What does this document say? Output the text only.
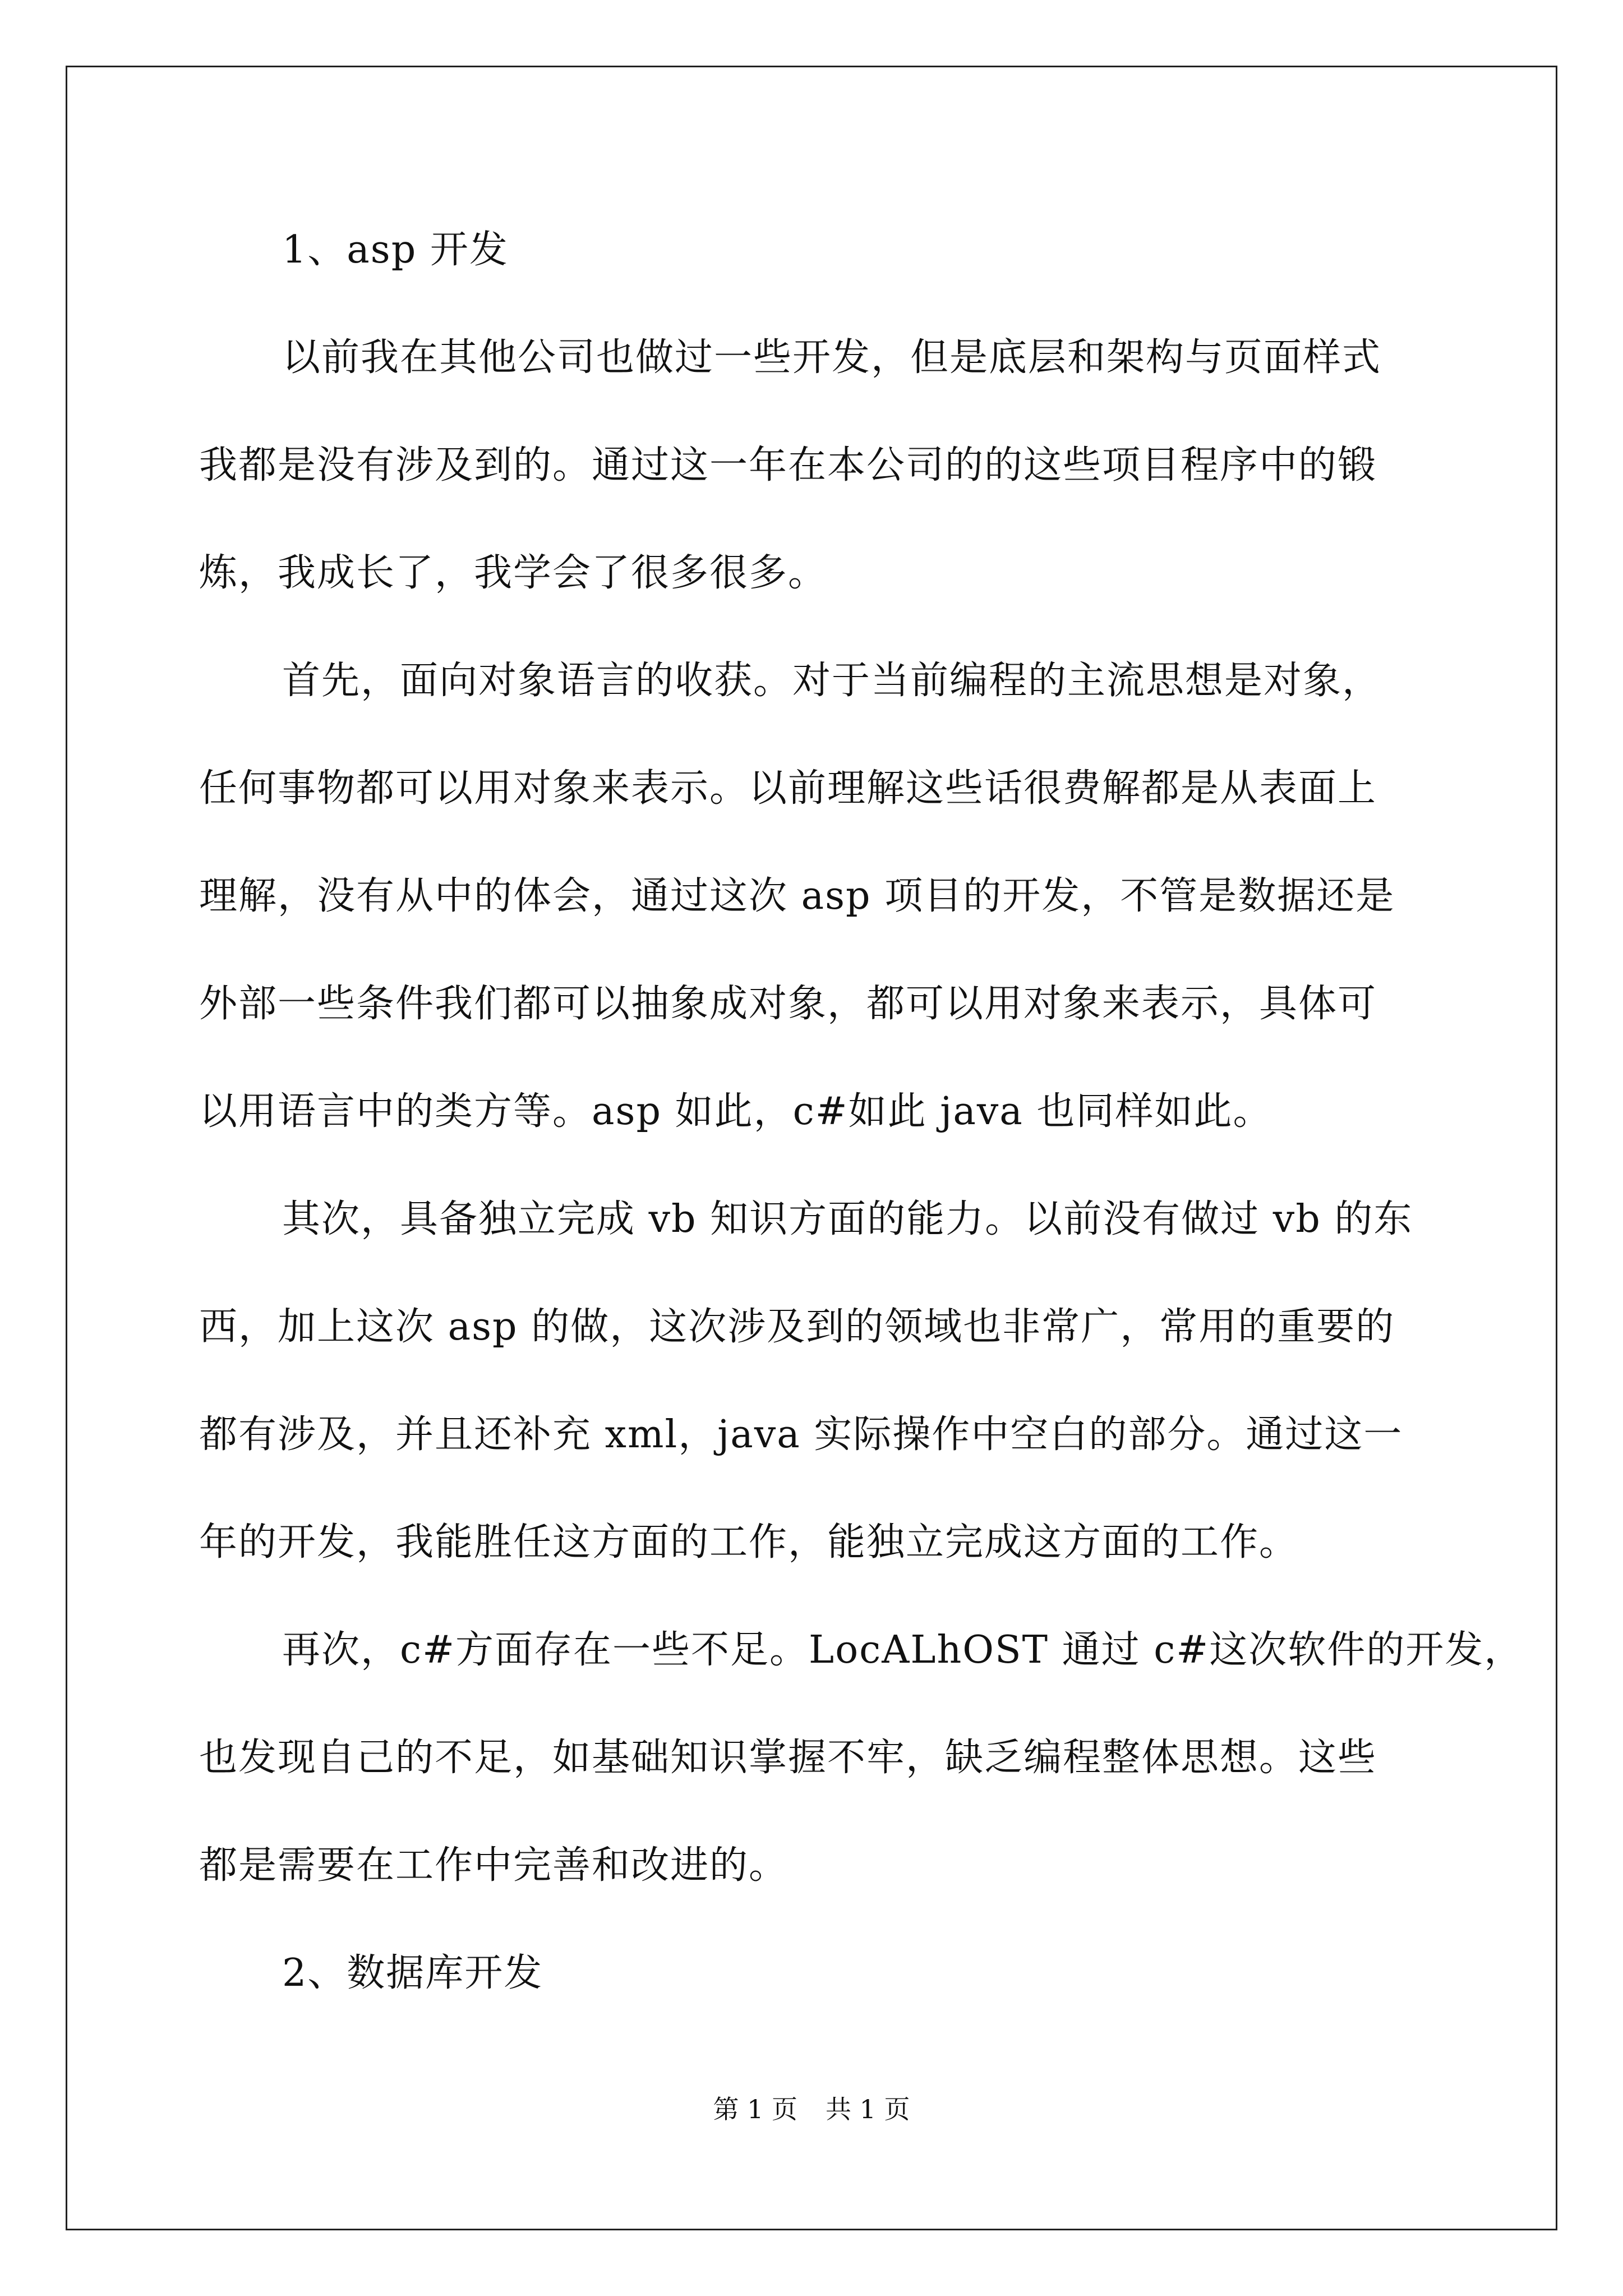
1、asp 开发
以前我在其他公司也做过一些开发，但是底层和架构与页面样式
我都是没有涉及到的。通过这一年在本公司的的这些项目程序中的锻
炼，我成长了，我学会了很多很多。
首先，面向对象语言的收获。对于当前编程的主流思想是对象，
任何事物都可以用对象来表示。以前理解这些话很费解都是从表面上
理解，没有从中的体会，通过这次 asp 项目的开发，不管是数据还是
外部一些条件我们都可以抽象成对象，都可以用对象来表示，具体可
以用语言中的类方等。asp 如此，c#如此 java 也同样如此。
其次，具备独立完成 vb 知识方面的能力。以前没有做过 vb 的东
西，加上这次 asp 的做，这次涉及到的领域也非常广，常用的重要的
都有涉及，并且还补充 xml，java 实际操作中空白的部分。通过这一
年的开发，我能胜任这方面的工作，能独立完成这方面的工作。
再次，c#方面存在一些不足。LocALhOST 通过 c#这次软件的开发，
也发现自己的不足，如基础知识掌握不牢，缺乏编程整体思想。这些
都是需要在工作中完善和改进的。
2、数据库开发
第 1 页 共 1 页
